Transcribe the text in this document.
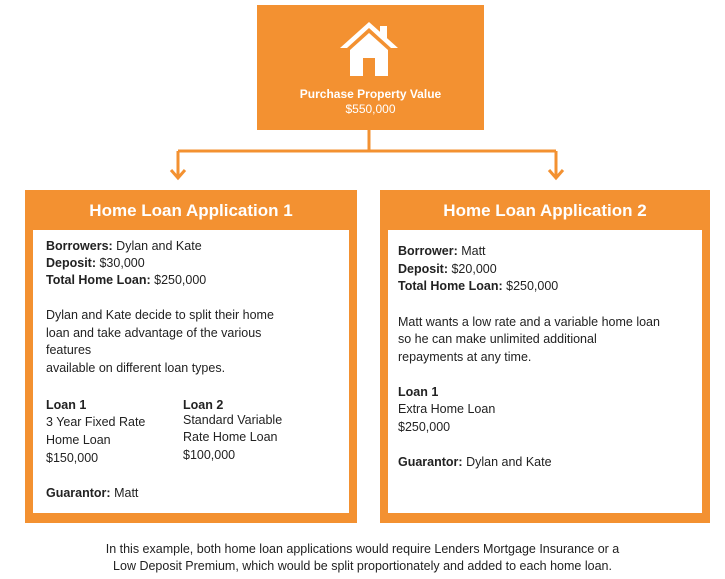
Purchase Property Value
$550,000
Home Loan Application 1
Borrowers: Dylan and Kate
Deposit: $30,000
Total Home Loan: $250,000
Dylan and Kate decide to split their home
loan and take advantage of the various
features
available on different loan types.
Loan 1
3 Year Fixed Rate
Home Loan
$150,000
Loan 2
Standard Variable
Rate Home Loan
$100,000
Guarantor: Matt
Home Loan Application 2
Borrower: Matt
Deposit: $20,000
Total Home Loan: $250,000
Matt wants a low rate and a variable home loan
so he can make unlimited additional
repayments at any time.
Loan 1
Extra Home Loan
$250,000
Guarantor: Dylan and Kate
In this example, both home loan applications would require Lenders Mortgage Insurance or a
Low Deposit Premium, which would be split proportionately and added to each home loan.
